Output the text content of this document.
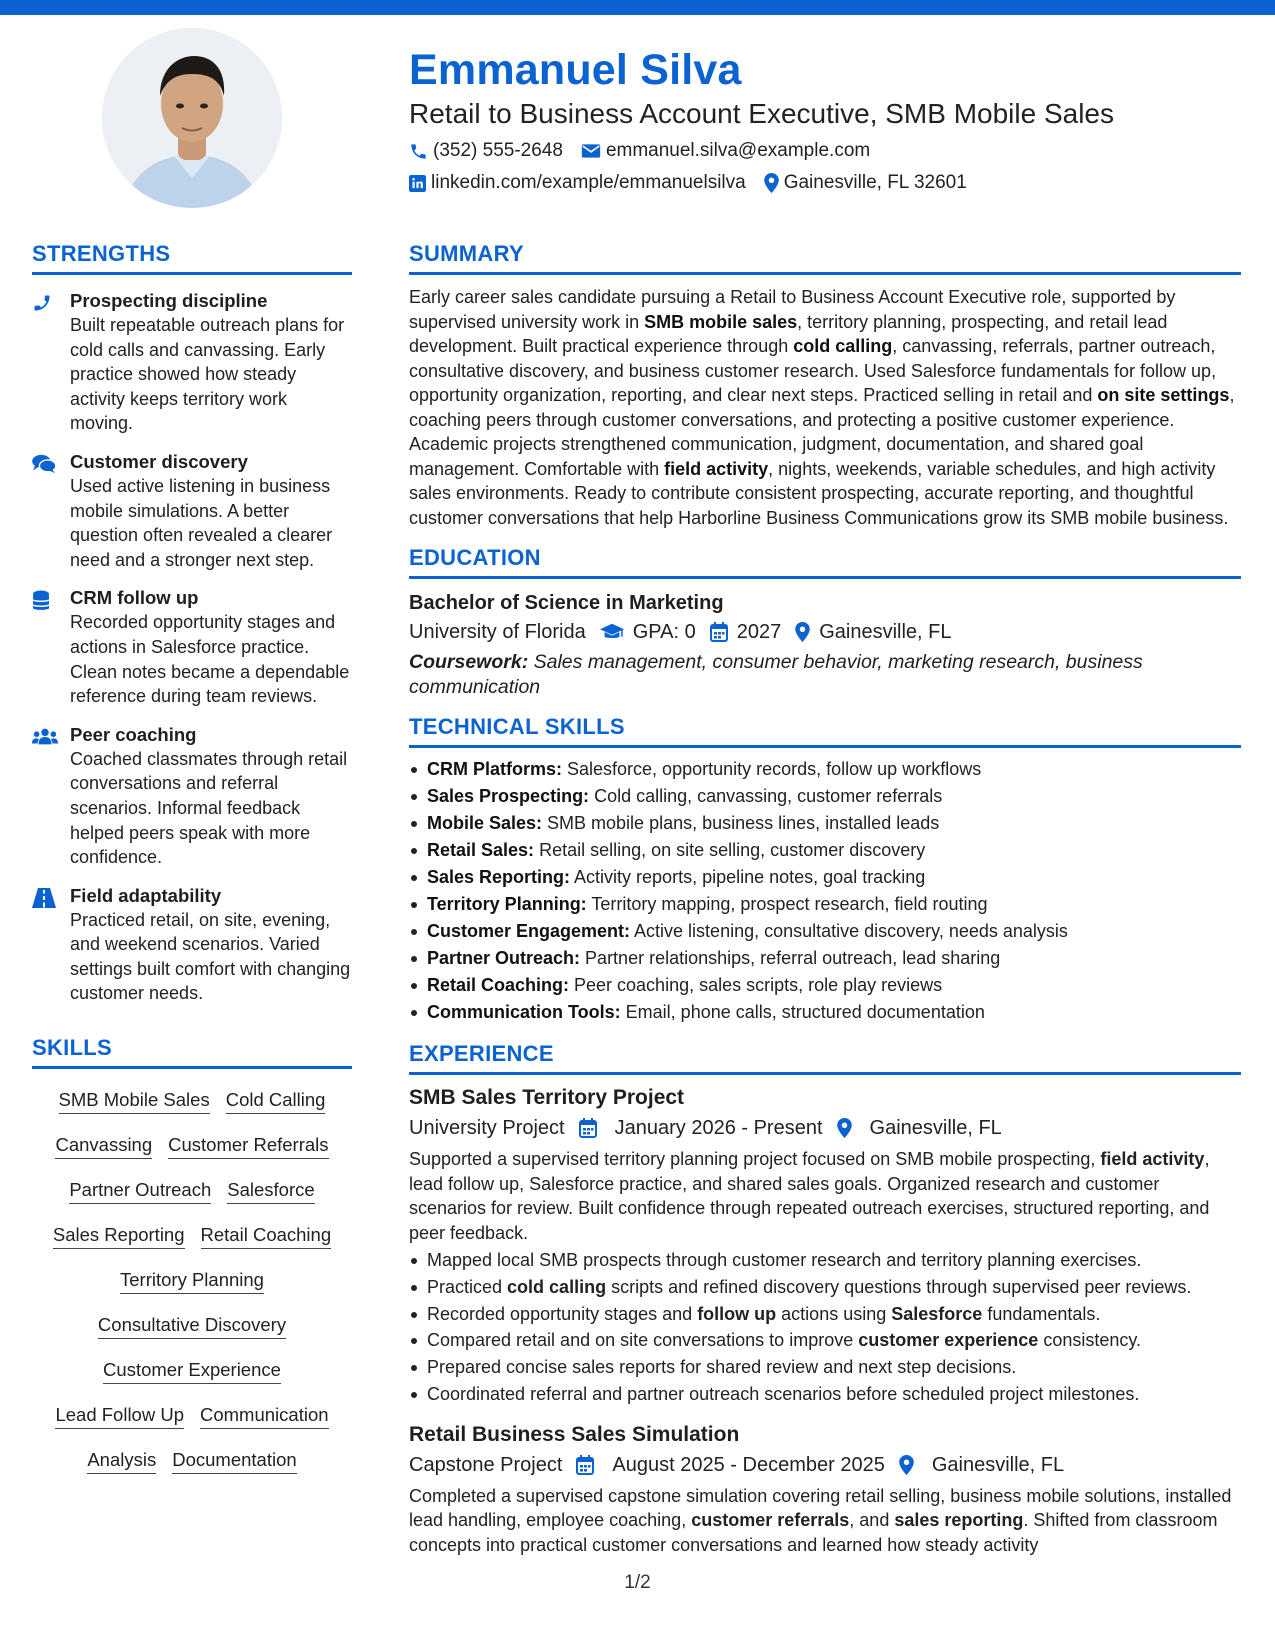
Emmanuel Silva
Retail to Business Account Executive, SMB Mobile Sales
(352) 555-2648 emmanuel.silva@example.com
linkedin.com/example/emmanuelsilva Gainesville, FL 32601
STRENGTHS
Prospecting discipline
Built repeatable outreach plans for cold calls and canvassing. Early practice showed how steady activity keeps territory work moving.
Customer discovery
Used active listening in business mobile simulations. A better question often revealed a clearer need and a stronger next step.
CRM follow up
Recorded opportunity stages and actions in Salesforce practice. Clean notes became a dependable reference during team reviews.
Peer coaching
Coached classmates through retail conversations and referral scenarios. Informal feedback helped peers speak with more confidence.
Field adaptability
Practiced retail, on site, evening, and weekend scenarios. Varied settings built comfort with changing customer needs.
SKILLS
SMB Mobile Sales Cold Calling
Canvassing Customer Referrals
Partner Outreach Salesforce
Sales Reporting Retail Coaching
Territory Planning
Consultative Discovery
Customer Experience
Lead Follow Up Communication
Analysis Documentation
SUMMARY
Early career sales candidate pursuing a Retail to Business Account Executive role, supported by supervised university work in SMB mobile sales, territory planning, prospecting, and retail lead development. Built practical experience through cold calling, canvassing, referrals, partner outreach, consultative discovery, and business customer research. Used Salesforce fundamentals for follow up, opportunity organization, reporting, and clear next steps. Practiced selling in retail and on site settings, coaching peers through customer conversations, and protecting a positive customer experience. Academic projects strengthened communication, judgment, documentation, and shared goal management. Comfortable with field activity, nights, weekends, variable schedules, and high activity sales environments. Ready to contribute consistent prospecting, accurate reporting, and thoughtful customer conversations that help Harborline Business Communications grow its SMB mobile business.
EDUCATION
Bachelor of Science in Marketing
University of Florida GPA: 0 2027 Gainesville, FL
Coursework: Sales management, consumer behavior, marketing research, business communication
TECHNICAL SKILLS
CRM Platforms: Salesforce, opportunity records, follow up workflows
Sales Prospecting: Cold calling, canvassing, customer referrals
Mobile Sales: SMB mobile plans, business lines, installed leads
Retail Sales: Retail selling, on site selling, customer discovery
Sales Reporting: Activity reports, pipeline notes, goal tracking
Territory Planning: Territory mapping, prospect research, field routing
Customer Engagement: Active listening, consultative discovery, needs analysis
Partner Outreach: Partner relationships, referral outreach, lead sharing
Retail Coaching: Peer coaching, sales scripts, role play reviews
Communication Tools: Email, phone calls, structured documentation
EXPERIENCE
SMB Sales Territory Project
University Project	January 2026 - Present Gainesville, FL
Supported a supervised territory planning project focused on SMB mobile prospecting, field activity, lead follow up, Salesforce practice, and shared sales goals. Organized research and customer scenarios for review. Built confidence through repeated outreach exercises, structured reporting, and peer feedback.
Mapped local SMB prospects through customer research and territory planning exercises.
Practiced cold calling scripts and refined discovery questions through supervised peer reviews.
Recorded opportunity stages and follow up actions using Salesforce fundamentals.
Compared retail and on site conversations to improve customer experience consistency.
Prepared concise sales reports for shared review and next step decisions.
Coordinated referral and partner outreach scenarios before scheduled project milestones.
Retail Business Sales Simulation
Capstone Project	August 2025 - December 2025 Gainesville, FL
Completed a supervised capstone simulation covering retail selling, business mobile solutions, installed lead handling, employee coaching, customer referrals, and sales reporting. Shifted from classroom concepts into practical customer conversations and learned how steady activity
1/2
